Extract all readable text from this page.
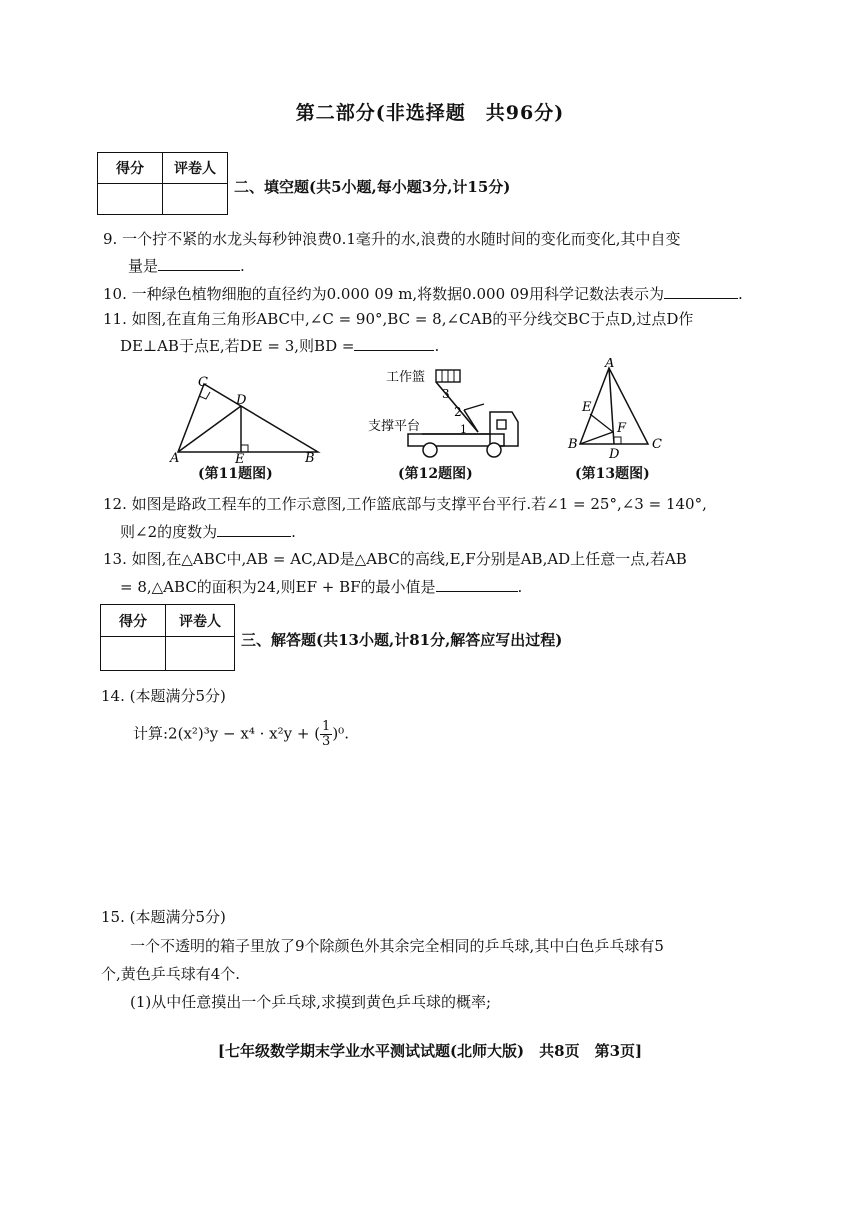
第二部分(非选择题　共96分)
得分	评卷人

二、填空题(共5小题,每小题3分,计15分)
9. 一个拧不紧的水龙头每秒钟浪费0.1毫升的水,浪费的水随时间的变化而变化,其中自变
量是	.
10. 一种绿色植物细胞的直径约为0.000 09 m,将数据0.000 09用科学记数法表示为	.
11. 如图,在直角三角形ABC中,∠C = 90°,BC = 8,∠CAB的平分线交BC于点D,过点D作
DE⊥AB于点E,若DE = 3,则BD =	.
C
D
A	E	B
(第11题图)
工作篮
3
2
1
支撑平台
(第12题图)
A
E
F
B
D
C
(第13题图)
12. 如图是路政工程车的工作示意图,工作篮底部与支撑平台平行.若∠1 = 25°,∠3 = 140°,
则∠2的度数为	.
13. 如图,在△ABC中,AB = AC,AD是△ABC的高线,E,F分别是AB,AD上任意一点,若AB
= 8,△ABC的面积为24,则EF + BF的最小值是	.
得分	评卷人

三、解答题(共13小题,计81分,解答应写出过程)
14. (本题满分5分)
计算:2(x²)³y − x⁴ · x²y + ( $\frac{1}{3} )^0$.
15. (本题满分5分)
一个不透明的箱子里放了9个除颜色外其余完全相同的乒乓球,其中白色乒乓球有5
个,黄色乒乓球有4个.
(1)从中任意摸出一个乒乓球,求摸到黄色乒乓球的概率;
[七年级数学期末学业水平测试试题(北师大版)　共8页　第3页]
